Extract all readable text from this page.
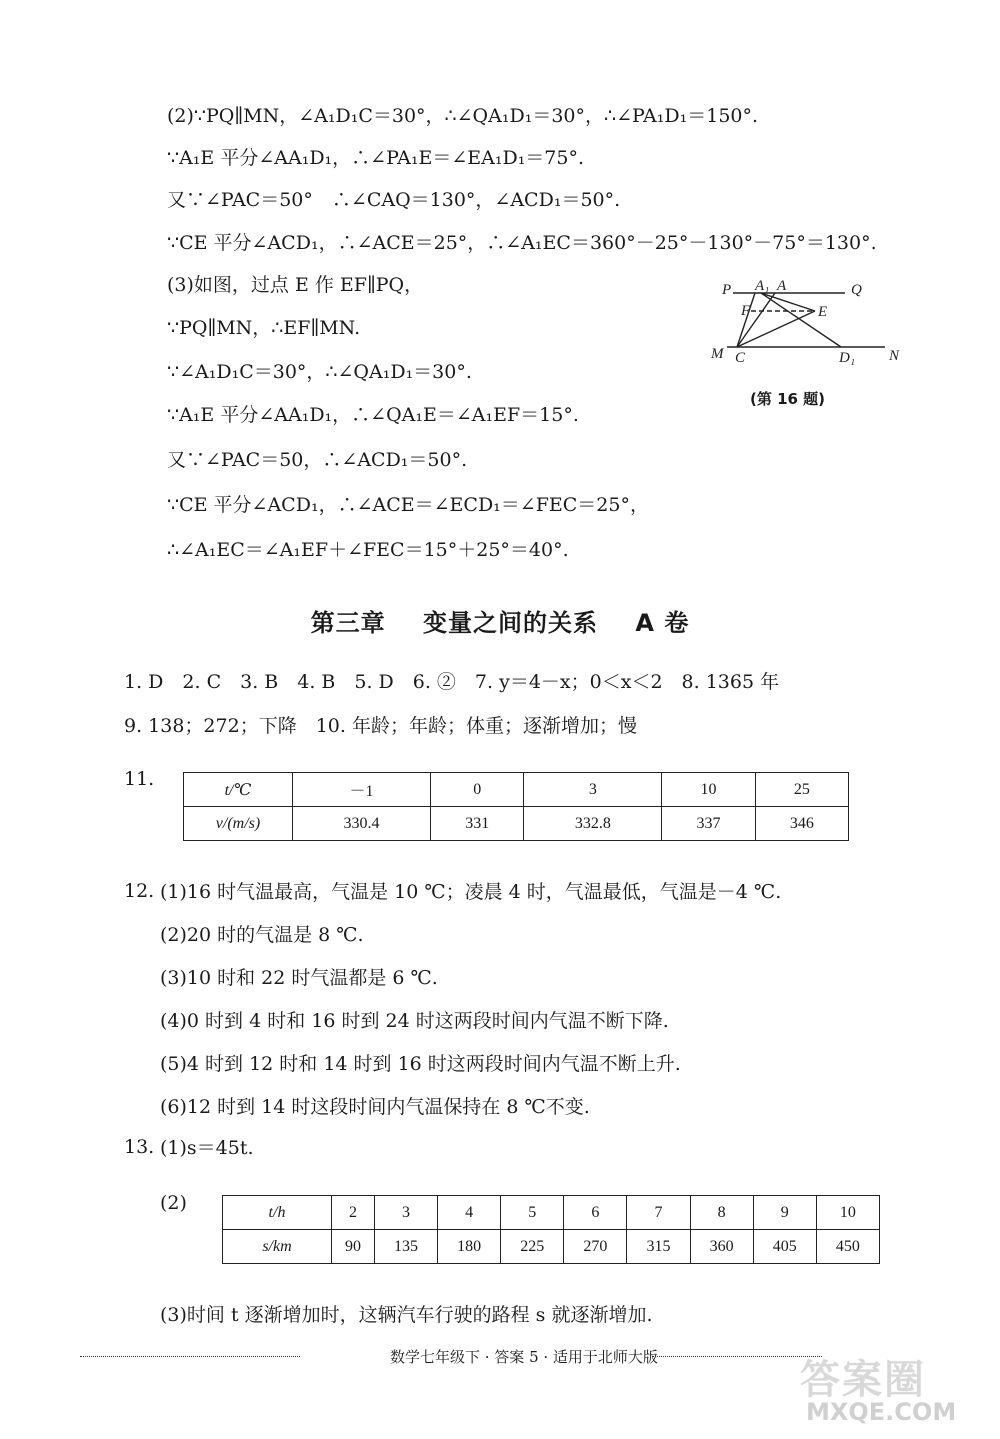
(2)∵PQ∥MN，∠A₁D₁C＝30°，∴∠QA₁D₁＝30°，∴∠PA₁D₁＝150°.
∵A₁E 平分∠AA₁D₁，∴∠PA₁E＝∠EA₁D₁＝75°.
又∵∠PAC＝50°　∴∠CAQ＝130°，∠ACD₁＝50°.
∵CE 平分∠ACD₁，∴∠ACE＝25°，∴∠A₁EC＝360°－25°－130°－75°＝130°.
(3)如图，过点 E 作 EF∥PQ，
∵PQ∥MN，∴EF∥MN.
∵∠A₁D₁C＝30°，∴∠QA₁D₁＝30°.
∵A₁E 平分∠AA₁D₁，∴∠QA₁E＝∠A₁EF＝15°.
又∵∠PAC＝50，∴∠ACD₁＝50°.
∵CE 平分∠ACD₁，∴∠ACE＝∠ECD₁＝∠FEC＝25°，
∴∠A₁EC＝∠A₁EF＋∠FEC＝15°＋25°＝40°.
P A₁ A	Q
F	E
M C	D₁ N
(第 16 题)
第三章 变量之间的关系 A 卷
1. D　2. C　3. B　4. B　5. D　6. ②　7. y＝4－x；0＜x＜2　8. 1365 年
9. 138；272；下降　10. 年龄；年龄；体重；逐渐增加；慢
11.	t/℃	－1	0	3	10	25
v/(m/s)	330.4	331	332.8	337	346
12. (1)16 时气温最高，气温是 10 ℃；凌晨 4 时，气温最低，气温是－4 ℃.
(2)20 时的气温是 8 ℃.
(3)10 时和 22 时气温都是 6 ℃.
(4)0 时到 4 时和 16 时到 24 时这两段时间内气温不断下降.
(5)4 时到 12 时和 14 时到 16 时这两段时间内气温不断上升.
(6)12 时到 14 时这段时间内气温保持在 8 ℃不变.
13. (1)s＝45t.
(2)	t/h	2	3	4	5	6	7	8	9	10
s/km	90	135	180	225	270	315	360	405	450
(3)时间 t 逐渐增加时，这辆汽车行驶的路程 s 就逐渐增加.
数学七年级下 · 答案 5 · 适用于北师大版	答案圈
MXQE.COM
